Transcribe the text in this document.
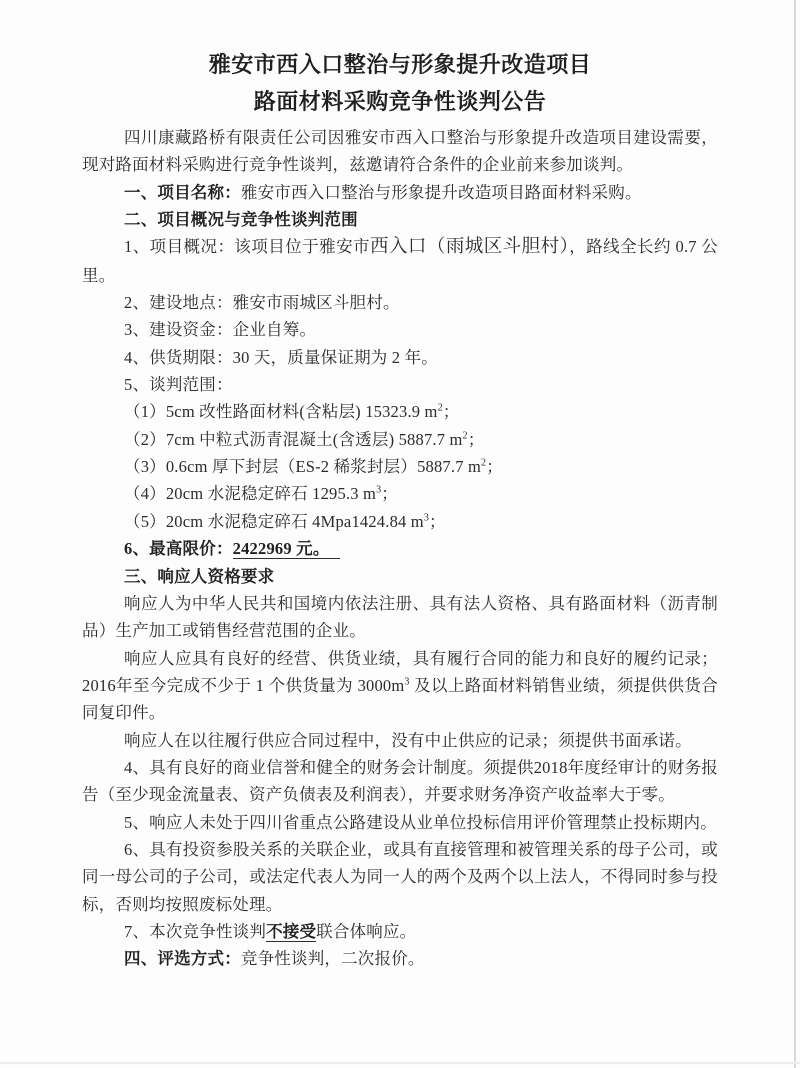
雅安市西入口整治与形象提升改造项目
路面材料采购竞争性谈判公告

四川康藏路桥有限责任公司因雅安市西入口整治与形象提升改造项目建设需要，现对路面材料采购进行竞争性谈判，兹邀请符合条件的企业前来参加谈判。

一、项目名称：雅安市西入口整治与形象提升改造项目路面材料采购。

二、项目概况与竞争性谈判范围

1、项目概况：该项目位于雅安市西入口（雨城区斗胆村），路线全长约 0.7 公里。

2、建设地点：雅安市雨城区斗胆村。

3、建设资金：企业自筹。

4、供货期限：30 天，质量保证期为 2 年。

5、谈判范围：

（1）5cm 改性路面材料(含粘层) 15323.9 $m^2$；

（2）7cm 中粒式沥青混凝土(含透层) 5887.7 $m^2$；

（3）0.6cm 厚下封层（ES-2 稀浆封层）5887.7 $m^2$；

（4）20cm 水泥稳定碎石 1295.3 $m^3$；

（5）20cm 水泥稳定碎石 4Mpa1424.84 $m^3$；

6、最高限价：2422969 元。

三、响应人资格要求

响应人为中华人民共和国境内依法注册、具有法人资格、具有路面材料（沥青制品）生产加工或销售经营范围的企业。

响应人应具有良好的经营、供货业绩，具有履行合同的能力和良好的履约记录；2016年至今完成不少于 1 个供货量为 $3000m^3$ 及以上路面材料销售业绩，须提供供货合同复印件。

响应人在以往履行供应合同过程中，没有中止供应的记录；须提供书面承诺。

4、具有良好的商业信誉和健全的财务会计制度。须提供2018年度经审计的财务报告（至少现金流量表、资产负债表及利润表），并要求财务净资产收益率大于零。

5、响应人未处于四川省重点公路建设从业单位投标信用评价管理禁止投标期内。

6、具有投资参股关系的关联企业，或具有直接管理和被管理关系的母子公司，或同一母公司的子公司，或法定代表人为同一人的两个及两个以上法人，不得同时参与投标，否则均按照废标处理。

7、本次竞争性谈判不接受联合体响应。

四、评选方式：竞争性谈判，二次报价。
